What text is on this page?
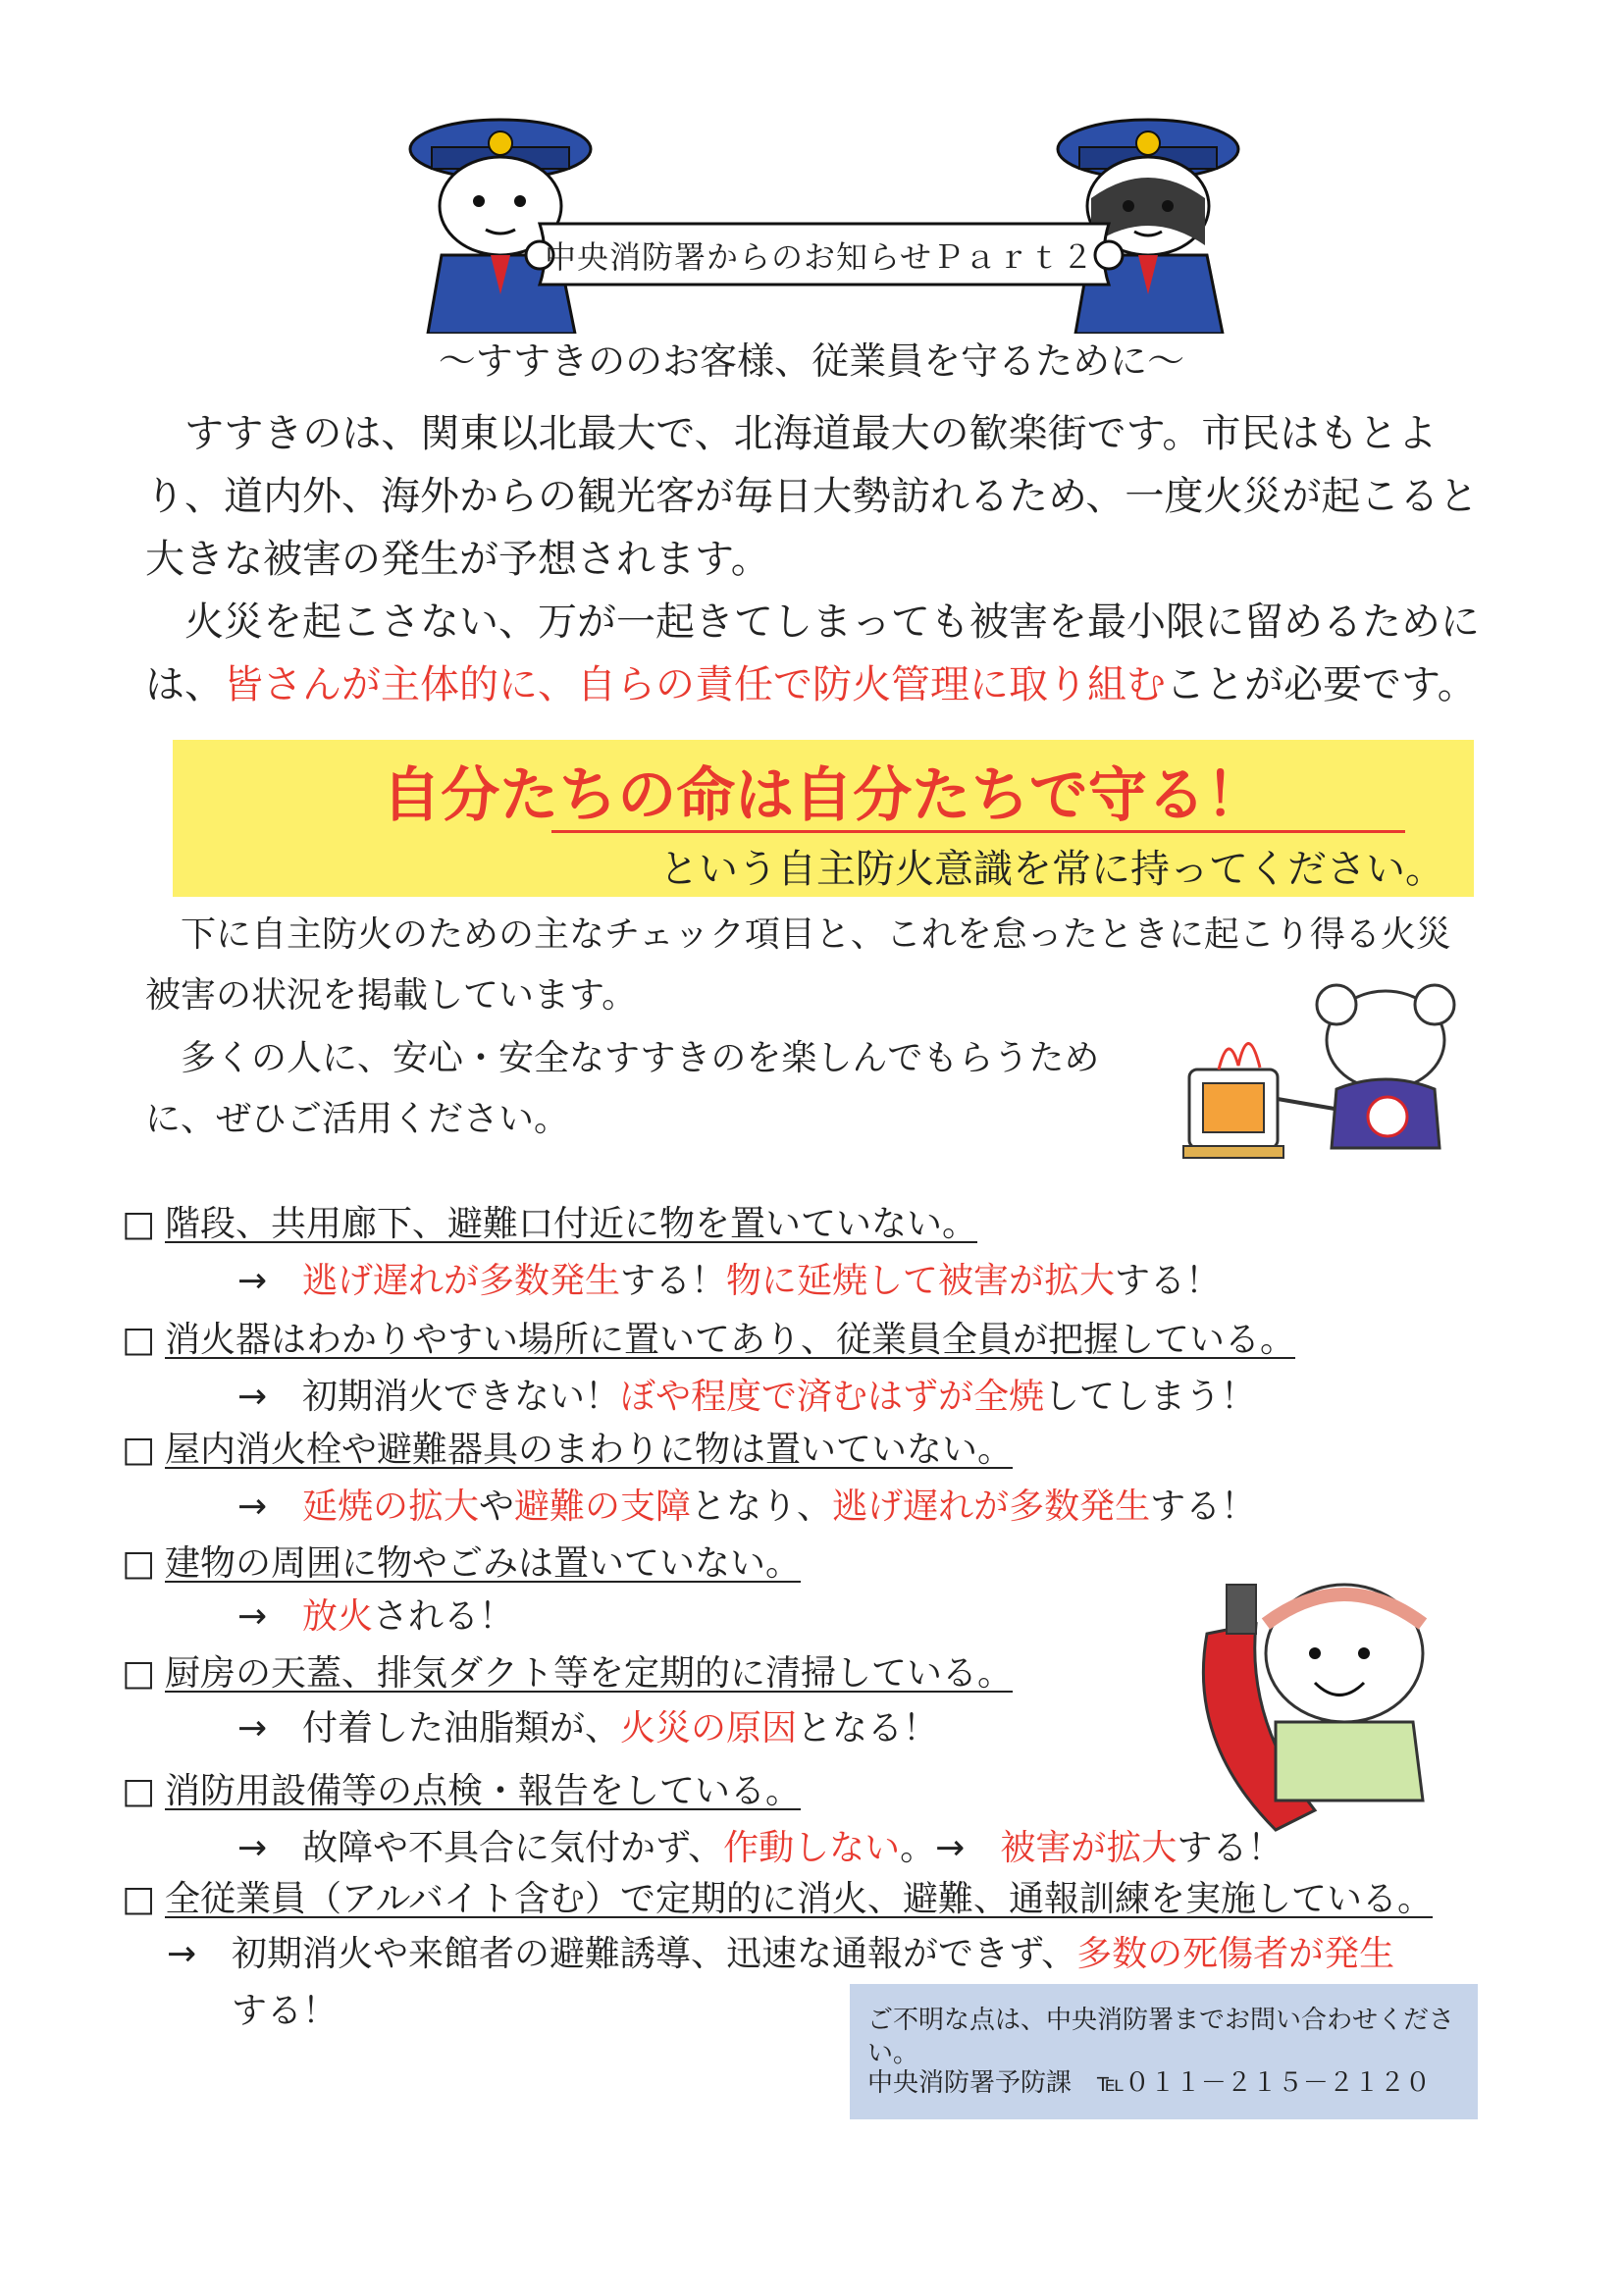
中央消防署からのお知らせＰａｒｔ２
～すすきののお客様、従業員を守るために～
　すすきのは、関東以北最大で、北海道最大の歓楽街です。市民はもとより、道内外、海外からの観光客が毎日大勢訪れるため、一度火災が起こると大きな被害の発生が予想されます。
　火災を起こさない、万が一起きてしまっても被害を最小限に留めるためには、皆さんが主体的に、自らの責任で防火管理に取り組むことが必要です。
自分たちの命は自分たちで守る！
という自主防火意識を常に持ってください。
　下に自主防火のための主なチェック項目と、これを怠ったときに起こり得る火災被害の状況を掲載しています。
　多くの人に、安心・安全なすすきのを楽しんでもらうために、ぜひご活用ください。
□ 階段、共用廊下、避難口付近に物を置いていない。
→ 逃げ遅れが多数発生する！物に延焼して被害が拡大する！
□ 消火器はわかりやすい場所に置いてあり、従業員全員が把握している。
→ 初期消火できない！ぼや程度で済むはずが全焼してしまう！
□ 屋内消火栓や避難器具のまわりに物は置いていない。
→ 延焼の拡大や避難の支障となり、逃げ遅れが多数発生する！
□ 建物の周囲に物やごみは置いていない。
→ 放火される！
□ 厨房の天蓋、排気ダクト等を定期的に清掃している。
→ 付着した油脂類が、火災の原因となる！
□ 消防用設備等の点検・報告をしている。
→ 故障や不具合に気付かず、作動しない。→　被害が拡大する！
□ 全従業員（アルバイト含む）で定期的に消火、避難、通報訓練を実施している。
→ 初期消火や来館者の避難誘導、迅速な通報ができず、多数の死傷者が発生
する！	ご不明な点は、中央消防署までお問い合わせください。
中央消防署予防課　℡０１１－２１５－２１２０
